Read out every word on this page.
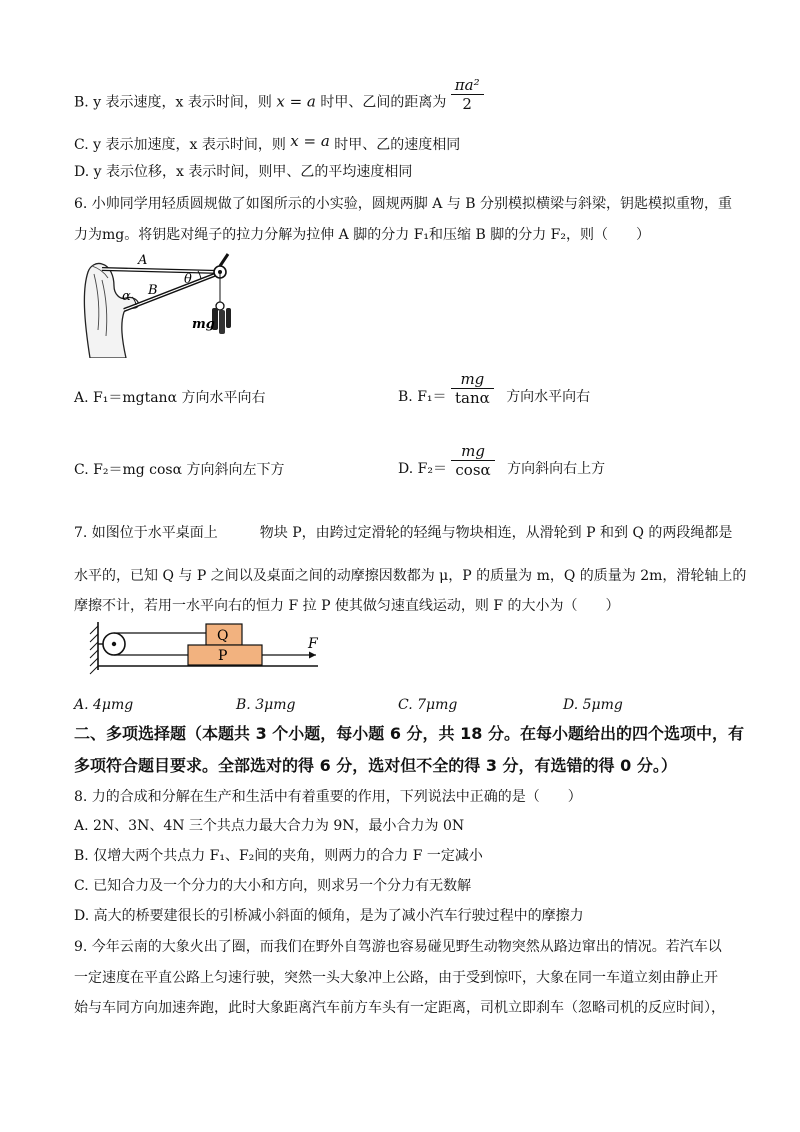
B. y 表示速度，x 表示时间，则 x = a 时甲、乙间的距离为 $\frac{\text{πa²}}{2}$
C. y 表示加速度，x 表示时间，则 x = a 时甲、乙的速度相同
D. y 表示位移，x 表示时间，则甲、乙的平均速度相同
6. 小帅同学用轻质圆规做了如图所示的小实验，圆规两脚 A 与 B 分别模拟横梁与斜梁，钥匙模拟重物，重
力为mg。将钥匙对绳子的拉力分解为拉伸 A 脚的分力 F₁和压缩 B 脚的分力 F₂，则（　　）
A
θ
B
α
mg
A. F₁＝mgtanα 方向水平向右	B. $F_1= \frac{mg}{\tan\alpha}$ 方向水平向右
C. F₂＝mg cosα 方向斜向左下方	D. $F_2= \frac{mg}{\cos\alpha}$ 方向斜向右上方
7. 如图位于水平桌面上　　　物块 P，由跨过定滑轮的轻绳与物块相连，从滑轮到 P 和到 Q 的两段绳都是
水平的，已知 Q 与 P 之间以及桌面之间的动摩擦因数都为 μ，P 的质量为 m，Q 的质量为 2m，滑轮轴上的
摩擦不计，若用一水平向右的恒力 F 拉 P 使其做匀速直线运动，则 F 的大小为（　　）
Q
P
F
A. 4μmg	B. 3μmg	C. 7μmg	D. 5μmg
二、多项选择题（本题共 3 个小题，每小题 6 分，共 18 分。在每小题给出的四个选项中，有
多项符合题目要求。全部选对的得 6 分，选对但不全的得 3 分，有选错的得 0 分。）
8. 力的合成和分解在生产和生活中有着重要的作用，下列说法中正确的是（　　）
A. 2N、3N、4N 三个共点力最大合力为 9N，最小合力为 0N
B. 仅增大两个共点力 F₁、F₂间的夹角，则两力的合力 F 一定减小
C. 已知合力及一个分力的大小和方向，则求另一个分力有无数解
D. 高大的桥要建很长的引桥减小斜面的倾角，是为了减小汽车行驶过程中的摩擦力
9. 今年云南的大象火出了圈，而我们在野外自驾游也容易碰见野生动物突然从路边窜出的情况。若汽车以
一定速度在平直公路上匀速行驶，突然一头大象冲上公路，由于受到惊吓，大象在同一车道立刻由静止开
始与车同方向加速奔跑，此时大象距离汽车前方车头有一定距离，司机立即刹车（忽略司机的反应时间），
